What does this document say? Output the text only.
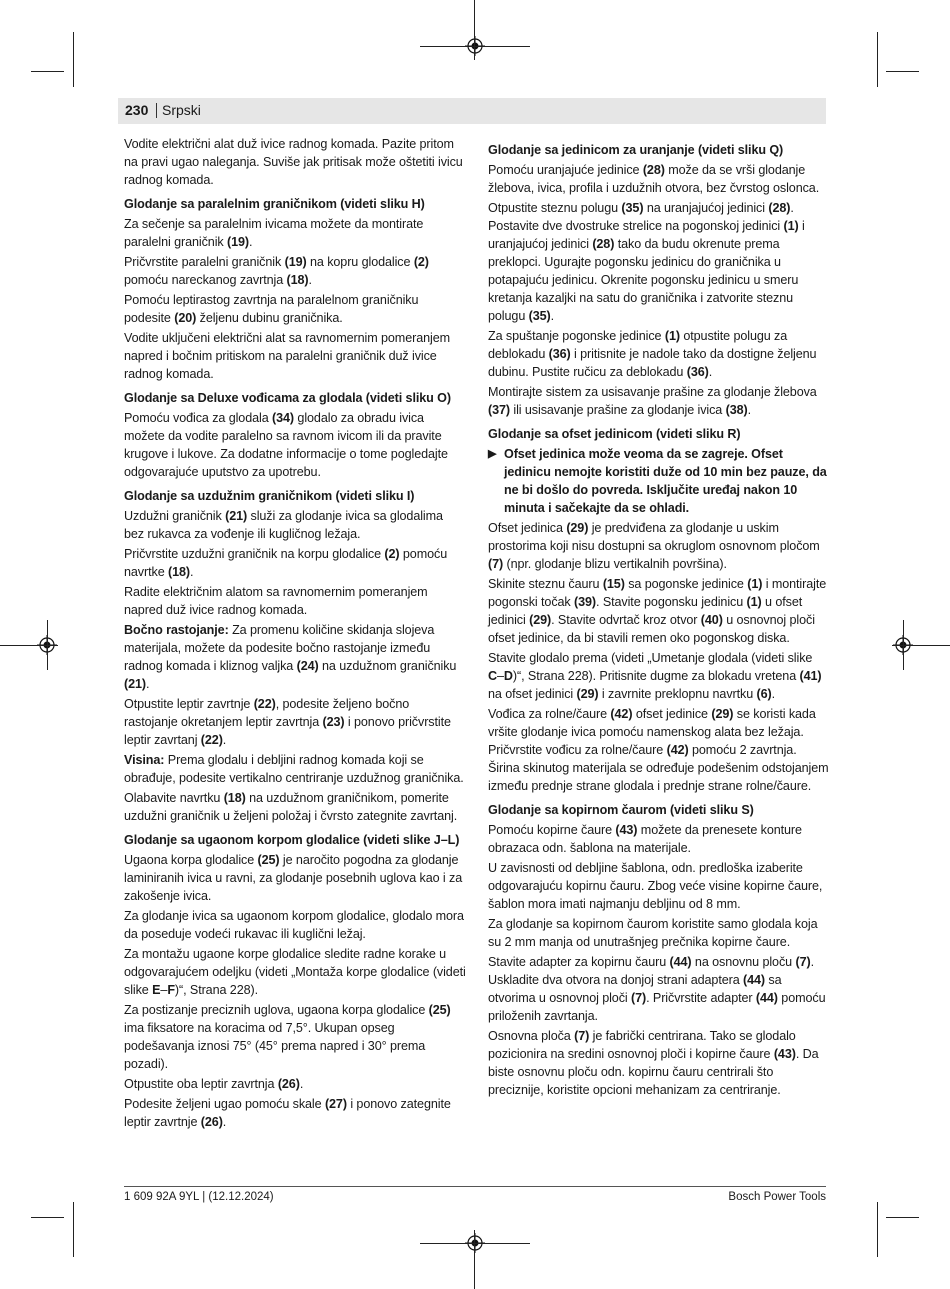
230 Srpski

Vodite električni alat duž ivice radnog komada. Pazite pritom na pravi ugao naleganja. Suviše jak pritisak može oštetiti ivicu radnog komada.

Glodanje sa paralelnim graničnikom (videti sliku H)

Za sečenje sa paralelnim ivicama možete da montirate paralelni graničnik (19).

Pričvrstite paralelni graničnik (19) na kopru glodalice (2) pomoću nareckanog zavrtnja (18).

Pomoću leptirastog zavrtnja na paralelnom graničniku podesite (20) željenu dubinu graničnika.

Vodite uključeni električni alat sa ravnomernim pomeranjem napred i bočnim pritiskom na paralelni graničnik duž ivice radnog komada.

Glodanje sa Deluxe vođicama za glodala (videti sliku O)

Pomoću vođica za glodala (34) glodalo za obradu ivica možete da vodite paralelno sa ravnom ivicom ili da pravite krugove i lukove. Za dodatne informacije o tome pogledajte odgovarajuće uputstvo za upotrebu.

Glodanje sa uzdužnim graničnikom (videti sliku I)

Uzdužni graničnik (21) služi za glodanje ivica sa glodalima bez rukavca za vođenje ili kugličnog ležaja.

Pričvrstite uzdužni graničnik na korpu glodalice (2) pomoću navrtke (18).

Radite električnim alatom sa ravnomernim pomeranjem napred duž ivice radnog komada.

Bočno rastojanje: Za promenu količine skidanja slojeva materijala, možete da podesite bočno rastojanje između radnog komada i kliznog valjka (24) na uzdužnom graničniku (21).

Otpustite leptir zavrtnje (22), podesite željeno bočno rastojanje okretanjem leptir zavrtnja (23) i ponovo pričvrstite leptir zavrtanj (22).

Visina: Prema glodalu i debljini radnog komada koji se obrađuje, podesite vertikalno centriranje uzdužnog graničnika.

Olabavite navrtku (18) na uzdužnom graničnikom, pomerite uzdužni graničnik u željeni položaj i čvrsto zategnite zavrtanj.

Glodanje sa ugaonom korpom glodalice (videti slike J–L)

Ugaona korpa glodalice (25) je naročito pogodna za glodanje laminiranih ivica u ravni, za glodanje posebnih uglova kao i za zakošenje ivica.

Za glodanje ivica sa ugaonom korpom glodalice, glodalo mora da poseduje vodeći rukavac ili kuglični ležaj.

Za montažu ugaone korpe glodalice sledite radne korake u odgovarajućem odeljku (videti „Montaža korpe glodalice (videti slike E–F)“, Strana 228).

Za postizanje preciznih uglova, ugaona korpa glodalice (25) ima fiksatore na koracima od 7,5°. Ukupan opseg podešavanja iznosi 75° (45° prema napred i 30° prema pozadi).

Otpustite oba leptir zavrtnja (26).

Podesite željeni ugao pomoću skale (27) i ponovo zategnite leptir zavrtnje (26).

Glodanje sa jedinicom za uranjanje (videti sliku Q)

Pomoću uranjajuće jedinice (28) može da se vrši glodanje žlebova, ivica, profila i uzdužnih otvora, bez čvrstog oslonca.

Otpustite steznu polugu (35) na uranjajućoj jedinici (28). Postavite dve dvostruke strelice na pogonskoj jedinici (1) i uranjajućoj jedinici (28) tako da budu okrenute prema preklopci. Ugurajte pogonsku jedinicu do graničnika u potapajuću jedinicu. Okrenite pogonsku jedinicu u smeru kretanja kazaljki na satu do graničnika i zatvorite steznu polugu (35).

Za spuštanje pogonske jedinice (1) otpustite polugu za deblokadu (36) i pritisnite je nadole tako da dostigne željenu dubinu. Pustite ručicu za deblokadu (36).

Montirajte sistem za usisavanje prašine za glodanje žlebova (37) ili usisavanje prašine za glodanje ivica (38).

Glodanje sa ofset jedinicom (videti sliku R)
▶ Ofset jedinica može veoma da se zagreje. Ofset jedinicu nemojte koristiti duže od 10 min bez pauze, da ne bi došlo do povreda. Isključite uređaj nakon 10 minuta i sačekajte da se ohladi.

Ofset jedinica (29) je predviđena za glodanje u uskim prostorima koji nisu dostupni sa okruglom osnovnom pločom (7) (npr. glodanje blizu vertikalnih površina).

Skinite steznu čauru (15) sa pogonske jedinice (1) i montirajte pogonski točak (39). Stavite pogonsku jedinicu (1) u ofset jedinici (29). Stavite odvrtač kroz otvor (40) u osnovnoj ploči ofset jedinice, da bi stavili remen oko pogonskog diska.

Stavite glodalo prema (videti „Umetanje glodala (videti slike C–D)“, Strana 228). Pritisnite dugme za blokadu vretena (41) na ofset jedinici (29) i zavrnite preklopnu navrtku (6).

Vođica za rolne/čaure (42) ofset jedinice (29) se koristi kada vršite glodanje ivica pomoću namenskog alata bez ležaja. Pričvrstite vođicu za rolne/čaure (42) pomoću 2 zavrtnja. Širina skinutog materijala se određuje podešenim odstojanjem između prednje strane glodala i prednje strane rolne/čaure.

Glodanje sa kopirnom čaurom (videti sliku S)

Pomoću kopirne čaure (43) možete da prenesete konture obrazaca odn. šablona na materijale.

U zavisnosti od debljine šablona, odn. predloška izaberite odgovarajuću kopirnu čauru. Zbog veće visine kopirne čaure, šablon mora imati najmanju debljinu od 8 mm.

Za glodanje sa kopirnom čaurom koristite samo glodala koja su 2 mm manja od unutrašnjeg prečnika kopirne čaure.

Stavite adapter za kopirnu čauru (44) na osnovnu ploču (7). Uskladite dva otvora na donjoj strani adaptera (44) sa otvorima u osnovnoj ploči (7). Pričvrstite adapter (44) pomoću priloženih zavrtanja.

Osnovna ploča (7) je fabrički centrirana. Tako se glodalo pozicionira na sredini osnovnoj ploči i kopirne čaure (43). Da biste osnovnu ploču odn. kopirnu čauru centrirali što preciznije, koristite opcioni mehanizam za centriranje.

1 609 92A 9YL | (12.12.2024)	Bosch Power Tools
